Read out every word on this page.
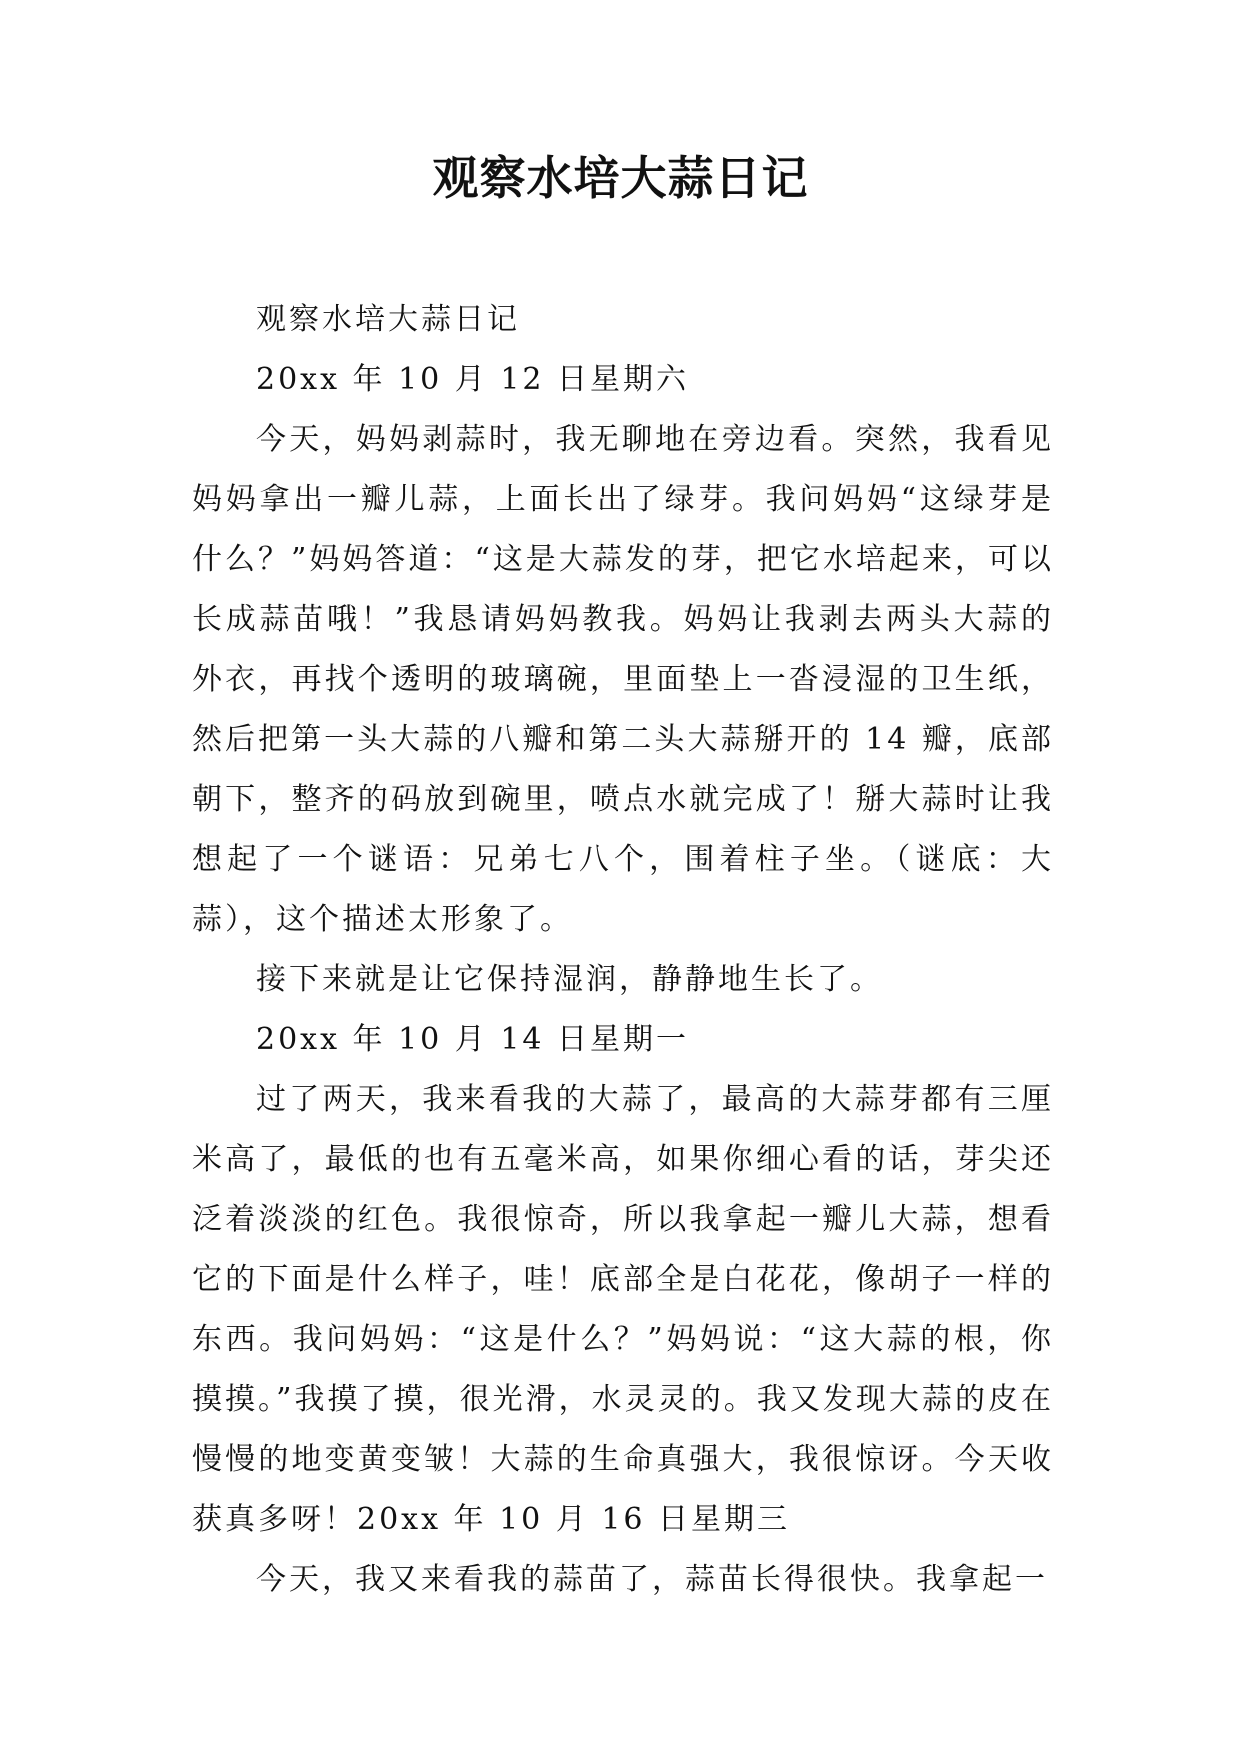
观察水培大蒜日记

观察水培大蒜日记

20xx 年 10 月 12 日星期六

今天，妈妈剥蒜时，我无聊地在旁边看。突然，我看见妈妈拿出一瓣儿蒜，上面长出了绿芽。我问妈妈“这绿芽是什么？”妈妈答道：“这是大蒜发的芽，把它水培起来，可以长成蒜苗哦！”我恳请妈妈教我。妈妈让我剥去两头大蒜的外衣，再找个透明的玻璃碗，里面垫上一沓浸湿的卫生纸，然后把第一头大蒜的八瓣和第二头大蒜掰开的 14 瓣，底部朝下，整齐的码放到碗里，喷点水就完成了！掰大蒜时让我想起了一个谜语：兄弟七八个，围着柱子坐。（谜底：大蒜），这个描述太形象了。

接下来就是让它保持湿润，静静地生长了。

20xx 年 10 月 14 日星期一

过了两天，我来看我的大蒜了，最高的大蒜芽都有三厘米高了，最低的也有五毫米高，如果你细心看的话，芽尖还泛着淡淡的红色。我很惊奇，所以我拿起一瓣儿大蒜，想看它的下面是什么样子，哇！底部全是白花花，像胡子一样的东西。我问妈妈：“这是什么？”妈妈说：“这大蒜的根，你摸摸。”我摸了摸，很光滑，水灵灵的。我又发现大蒜的皮在慢慢的地变黄变皱！大蒜的生命真强大，我很惊讶。今天收获真多呀！20xx 年 10 月 16 日星期三

今天，我又来看我的蒜苗了，蒜苗长得很快。我拿起一
